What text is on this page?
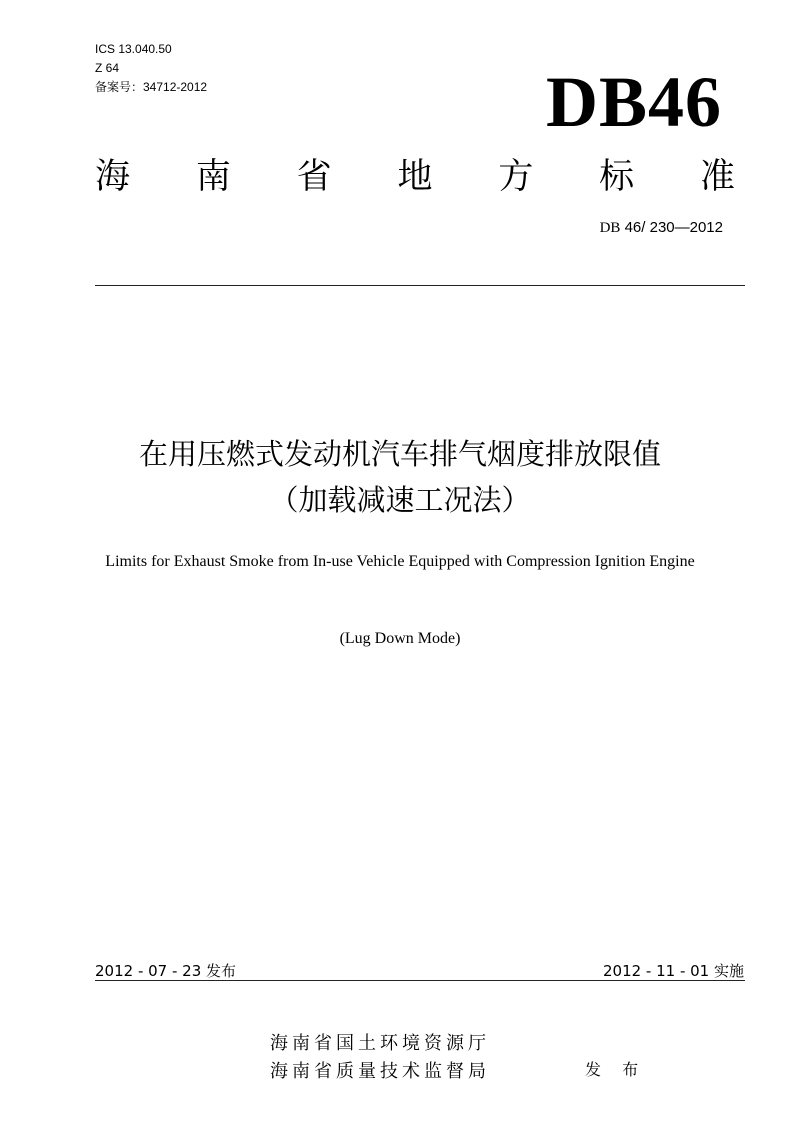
ICS 13.040.50
Z 64
备案号：34712-2012	DB46
海 南 省 地 方 标 准
DB 46/ 230—2012
在用压燃式发动机汽车排气烟度排放限值
（加载减速工况法）
Limits for Exhaust Smoke from In-use Vehicle Equipped with Compression Ignition Engine
(Lug Down Mode)
2012 - 07 - 23 发布	2012 - 11 - 01 实施
海南省国土环境资源厅
海南省质量技术监督局	发 布
